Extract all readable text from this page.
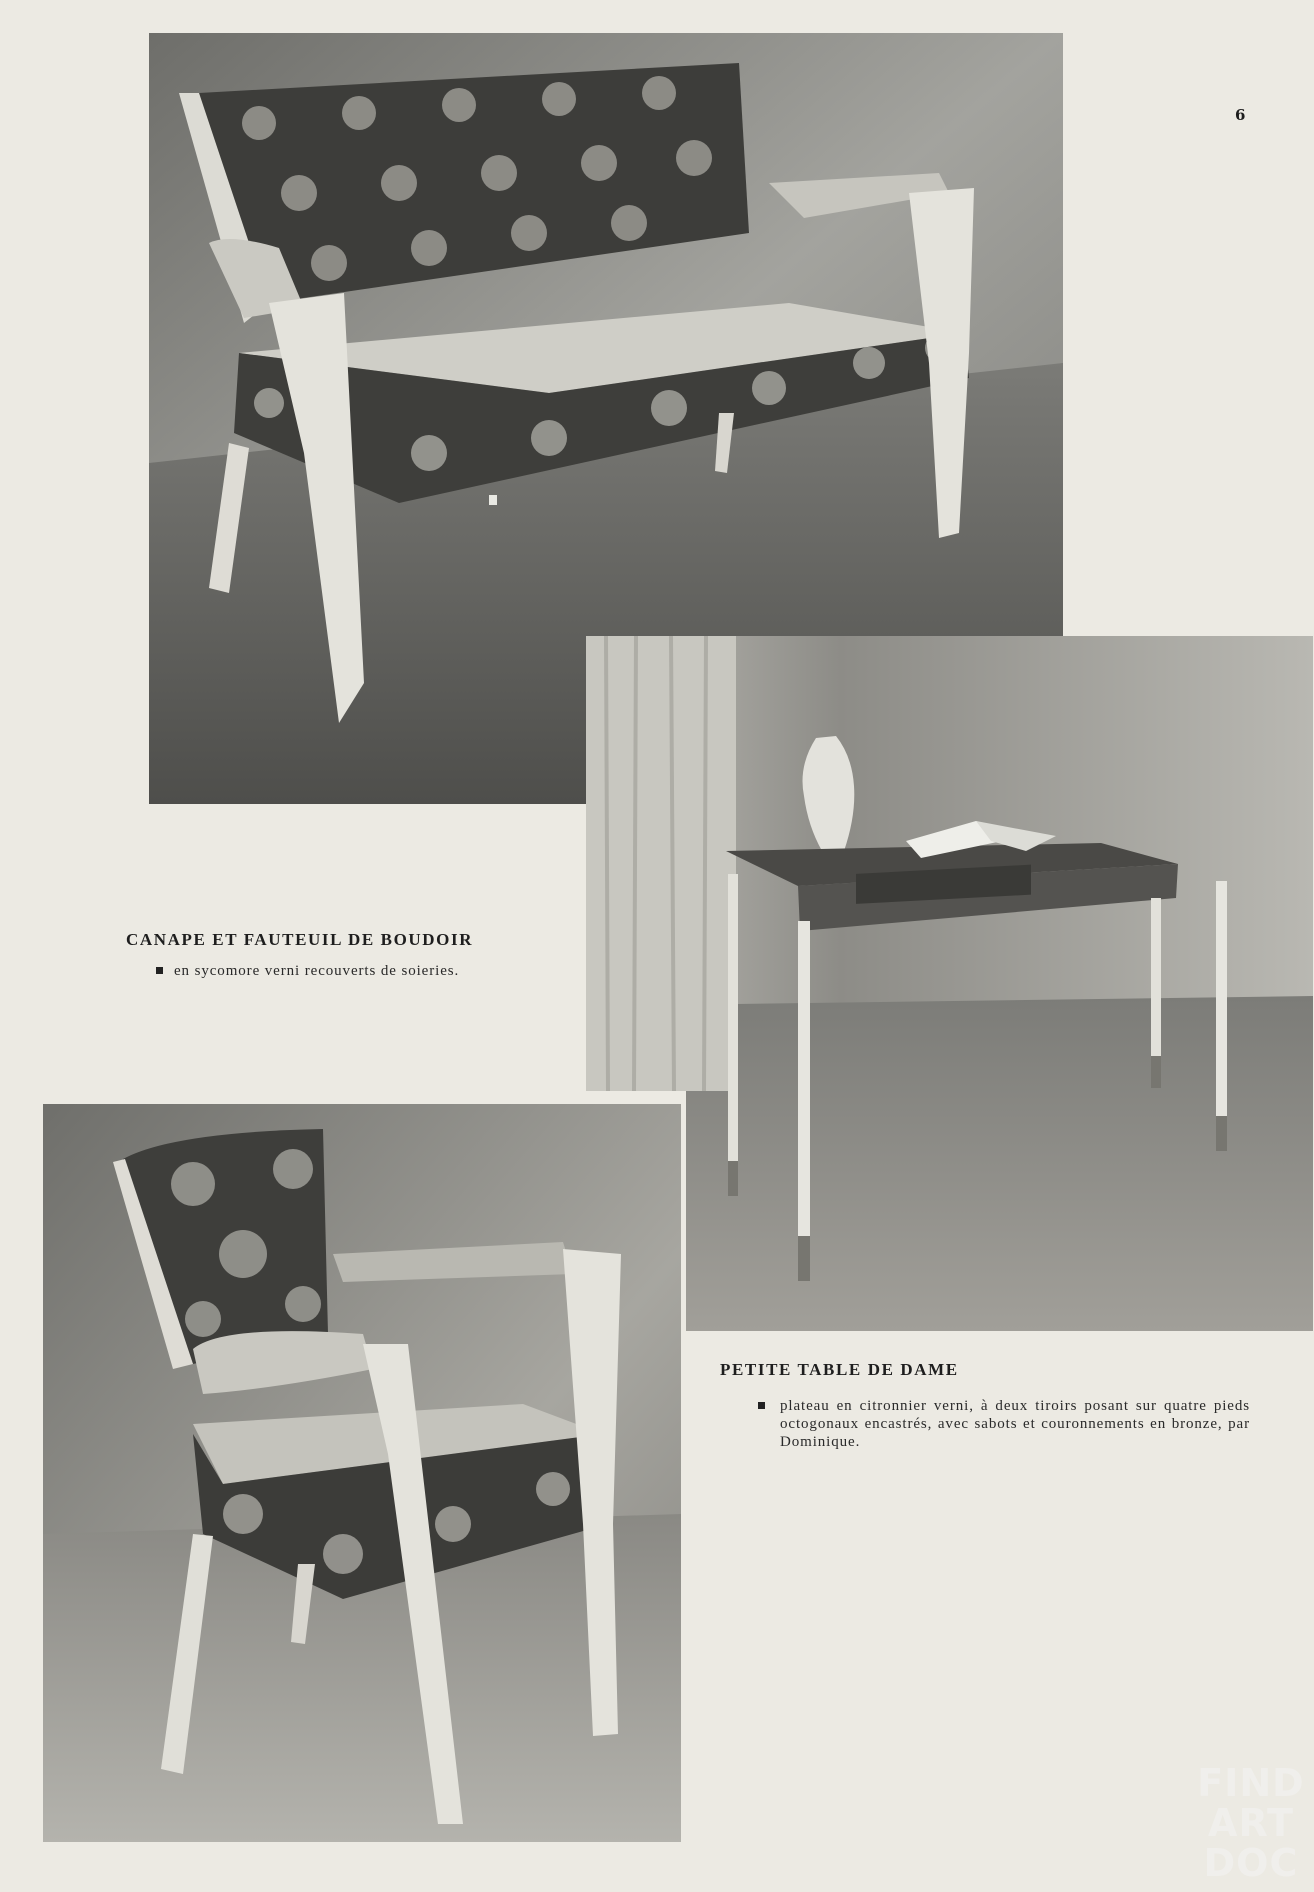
6

CANAPE ET FAUTEUIL DE BOUDOIR

en sycomore verni recouverts de soieries.

PETITE TABLE DE DAME

plateau en citronnier verni, à deux tiroirs posant sur quatre pieds octogonaux encastrés, avec sabots et couronnements en bronze, par Dominique.

FIND
ART
DOC
